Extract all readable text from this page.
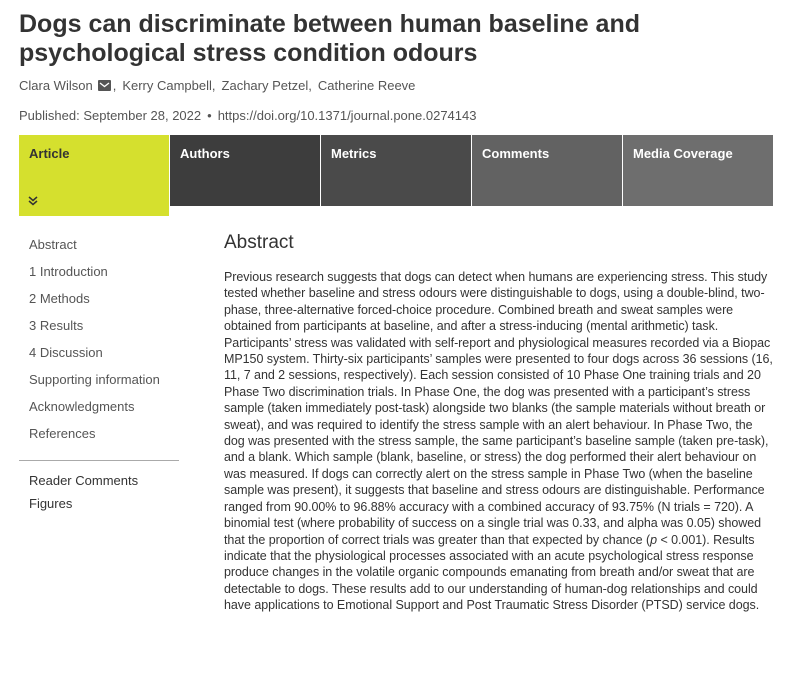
Dogs can discriminate between human baseline and psychological stress condition odours
Clara Wilson , Kerry Campbell , Zachary Petzel , Catherine Reeve
Published: September 28, 2022 • https://doi.org/10.1371/journal.pone.0274143
Article	Authors	Metrics	Comments	Media Coverage
Abstract
1 Introduction
2 Methods
3 Results
4 Discussion
Supporting information
Acknowledgments
References
Reader Comments
Figures
Abstract

Previous research suggests that dogs can detect when humans are experiencing stress. This study tested whether baseline and stress odours were distinguishable to dogs, using a double-blind, two-phase, three-alternative forced-choice procedure. Combined breath and sweat samples were obtained from participants at baseline, and after a stress-inducing (mental arithmetic) task. Participants’ stress was validated with self-report and physiological measures recorded via a Biopac MP150 system. Thirty-six participants’ samples were presented to four dogs across 36 sessions (16, 11, 7 and 2 sessions, respectively). Each session consisted of 10 Phase One training trials and 20 Phase Two discrimination trials. In Phase One, the dog was presented with a participant’s stress sample (taken immediately post-task) alongside two blanks (the sample materials without breath or sweat), and was required to identify the stress sample with an alert behaviour. In Phase Two, the dog was presented with the stress sample, the same participant’s baseline sample (taken pre-task), and a blank. Which sample (blank, baseline, or stress) the dog performed their alert behaviour on was measured. If dogs can correctly alert on the stress sample in Phase Two (when the baseline sample was present), it suggests that baseline and stress odours are distinguishable. Performance ranged from 90.00% to 96.88% accuracy with a combined accuracy of 93.75% (N trials = 720). A binomial test (where probability of success on a single trial was 0.33, and alpha was 0.05) showed that the proportion of correct trials was greater than that expected by chance (p < 0.001). Results indicate that the physiological processes associated with an acute psychological stress response produce changes in the volatile organic compounds emanating from breath and/or sweat that are detectable to dogs. These results add to our understanding of human-dog relationships and could have applications to Emotional Support and Post Traumatic Stress Disorder (PTSD) service dogs.
